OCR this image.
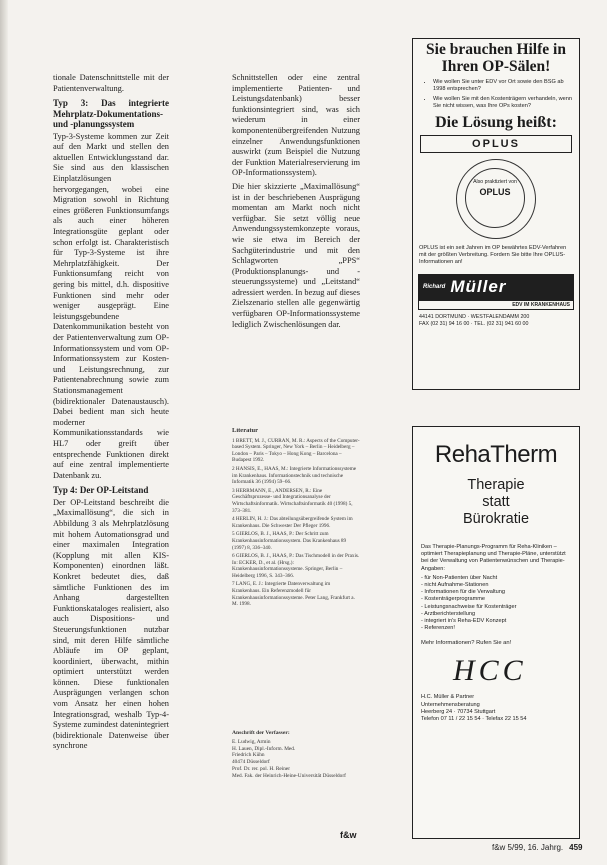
tionale Datenschnittstelle mit der Patientenverwaltung.

Typ 3: Das integrierte Mehrplatz-Dokumentations- und -planungssystem

Typ-3-Systeme kommen zur Zeit auf den Markt und stellen den aktuellen Entwicklungsstand dar. Sie sind aus den klassischen Einplatzlösungen hervorgegangen, wobei eine Migration sowohl in Richtung eines größeren Funktionsumfangs als auch einer höheren Integrationsgüte geplant oder schon erfolgt ist. Charakteristisch für Typ-3-Systeme ist ihre Mehrplatzfähigkeit. Der Funktionsumfang reicht von gering bis mittel, d.h. dispositive Funktionen sind mehr oder weniger ausgeprägt. Eine leistungsgebundene Datenkommunikation besteht von der Patientenverwaltung zum OP-Informationssystem und vom OP-Informationssystem zur Kosten- und Leistungsrechnung, zur Patientenabrechnung sowie zum Stationsmanagement (bidirektionaler Datenaustausch). Dabei bedient man sich heute moderner Kommunikationsstandards wie HL7 oder greift über entsprechende Funktionen direkt auf eine zentral implementierte Datenbank zu.

Typ 4: Der OP-Leitstand

Der OP-Leitstand beschreibt die „Maximallösung“, die sich in Abbildung 3 als Mehrplatzlösung mit hohem Automationsgrad und einer maximalen Integration (Kopplung mit allen KIS-Komponenten) einordnen läßt. Konkret bedeutet dies, daß sämtliche Funktionen des im Anhang dargestellten Funktionskataloges realisiert, also auch Dispositions- und Steuerungsfunktionen nutzbar sind, mit deren Hilfe sämtliche Abläufe im OP geplant, koordiniert, überwacht, mithin optimiert unterstützt werden können. Diese funktionalen Ausprägungen verlangen schon vom Ansatz her einen hohen Integrationsgrad, weshalb Typ-4-Systeme zumindest datenintegriert (bidirektionale Datenweise über synchrone

Schnittstellen oder eine zentral implementierte Patienten- und Leistungsdatenbank) besser funktionsintegriert sind, was sich wiederum in einer komponentenübergreifenden Nutzung einzelner Anwendungsfunktionen auswirkt (zum Beispiel die Nutzung der Funktion Materialreservierung im OP-Informationssystem).

Die hier skizzierte „Maximallösung“ ist in der beschriebenen Ausprägung momentan am Markt noch nicht verfügbar. Sie setzt völlig neue Anwendungssystemkonzepte voraus, wie sie etwa im Bereich der Sachgüterindustrie und mit den Schlagworten „PPS“ (Produktionsplanungs- und -steuerungssysteme) und „Leitstand“ adressiert werden. In bezug auf dieses Zielszenario stellen alle gegenwärtig verfügbaren OP-Informationssysteme lediglich Zwischenlösungen dar.

Literatur

1 BRETT, M. J., CURRAN, M. R.: Aspects of the Computer-based System. Springer, New York – Berlin – Heidelberg – London – Paris – Tokyo – Hong Kong – Barcelona – Budapest 1992.

2 HANSIS, E., HAAS, M.: Integrierte Informationssysteme im Krankenhaus. Informationstechnik und technische Informatik 36 (1994) 59–66.

3 HERRMANN, E., ANDERSEN, R.: Eine Geschäftsprozesse- und Integrationsanalyse der Wirtschaftsinformatik. Wirtschaftsinformatik 40 (1998) 5, 373–381.

4 HERLIN, H. J.: Das abteilungsübergreifende System im Krankenhaus. Die Schwester Der Pfleger 1996.

5 GIERLOS, B. J., HAAS, P.: Der Schritt zum Krankenhausinformationssystem. Das Krankenhaus 89 (1997) 8, 336–340.

6 GIERLOS, B. J., HAAS, P.: Das Tischmodell in der Praxis. In: ECKER, D., et al. (Hrsg.): Krankenhausinformationssysteme. Springer, Berlin – Heidelberg 1996, S. 343–366.

7 LANG, E. J.: Integrierte Datenverwaltung im Krankenhaus. Ein Referenzmodell für Krankenhausinformationssysteme. Peter Lang, Frankfurt a. M. 1998.

Anschrift der Verfasser:
E. Ludwig, Armin
H. Lauen, Dipl.-Inform. Med.
Friedrich Kühn
40474 Düsseldorf
Prof. Dr. rer. pol. H. Reiner
Med. Fak. der Heinrich-Heine-Universität Düsseldorf
f&w
f&w 5/99, 16. Jahrg. 459
Sie brauchen Hilfe in Ihren OP-Sälen!
• Wie wollen Sie unter EDV vor Ort sowie den BSG ab 1998 entsprechen?
• Wie wollen Sie mit den Kostenträgern verhandeln, wenn Sie nicht wissen, was Ihre OPs kosten?
Die Lösung heißt:
OPLUS
Also praktiziert von
OPLUS
OPLUS ist ein seit Jahren im OP bewährtes EDV-Verfahren mit der größten Verbreitung. Fordern Sie bitte Ihre OPLUS-Informationen an!
Richard Müller
EDV IM KRANKENHAUS
44141 DORTMUND · WESTFALENDAMM 200
FAX (02 31) 94 16 00 · TEL. (02 31) 941 60 00
RehaTherm
Therapie
statt
Bürokratie
Das Therapie-Planungs-Programm für Reha-Kliniken – optimiert Therapieplanung und Therapie-Pläne, unterstützt bei der Verwaltung von Patientenwünschen und Therapie-Angaben:
- für Non-Patienten über Nacht
- nicht Aufnahme-Stationen
- Informationen für die Verwaltung
- Kostenträgerprogramme
- Leistungsnachweise für Kostenträger
- Arztberichterstellung
- integriert in's Reha-EDV Konzept
- Referenzen!
Mehr Informationen? Rufen Sie an!
HCC
H.C. Müller & Partner
Unternehmensberatung
Heerberg 24 · 70734 Stuttgart
Telefon 07 11 / 22 15 54 · Telefax 22 15 54
